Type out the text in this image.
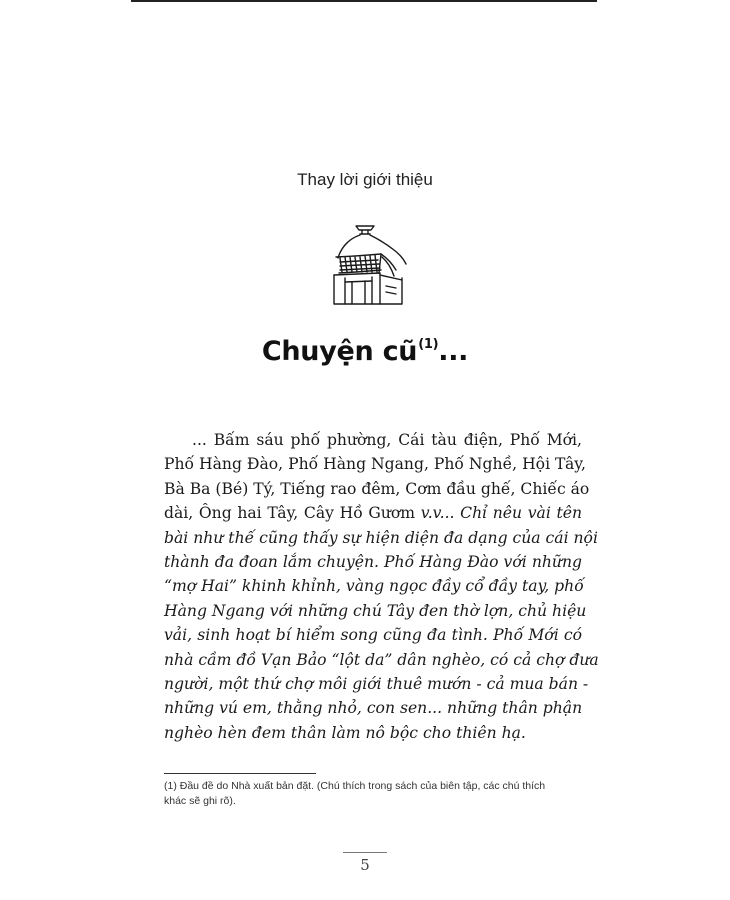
Thay lời giới thiệu
Chuyện $cũ^{(1)}$...
... Bấm sáu phố phường, Cái tàu điện, Phố Mới,
Phố Hàng Đào, Phố Hàng Ngang, Phố Nghề, Hội Tây,
Bà Ba (Bé) Tý, Tiếng rao đêm, Cơm đầu ghế, Chiếc áo
dài, Ông hai Tây, Cây Hồ Gươm v.v... Chỉ nêu vài tên
bài như thế cũng thấy sự hiện diện đa dạng của cái nội
thành đa đoan lắm chuyện. Phố Hàng Đào với những
“mợ Hai” khinh khỉnh, vàng ngọc đầy cổ đầy tay, phố
Hàng Ngang với những chú Tây đen thờ lợn, chủ hiệu
vải, sinh hoạt bí hiểm song cũng đa tình. Phố Mới có
nhà cầm đồ Vạn Bảo “lột da” dân nghèo, có cả chợ đưa
người, một thứ chợ môi giới thuê mướn - cả mua bán -
những vú em, thằng nhỏ, con sen... những thân phận
nghèo hèn đem thân làm nô bộc cho thiên hạ.
(1) Đầu đề do Nhà xuất bản đặt. (Chú thích trong sách của biên tập, các chú thích
khác sẽ ghi rõ).
5
